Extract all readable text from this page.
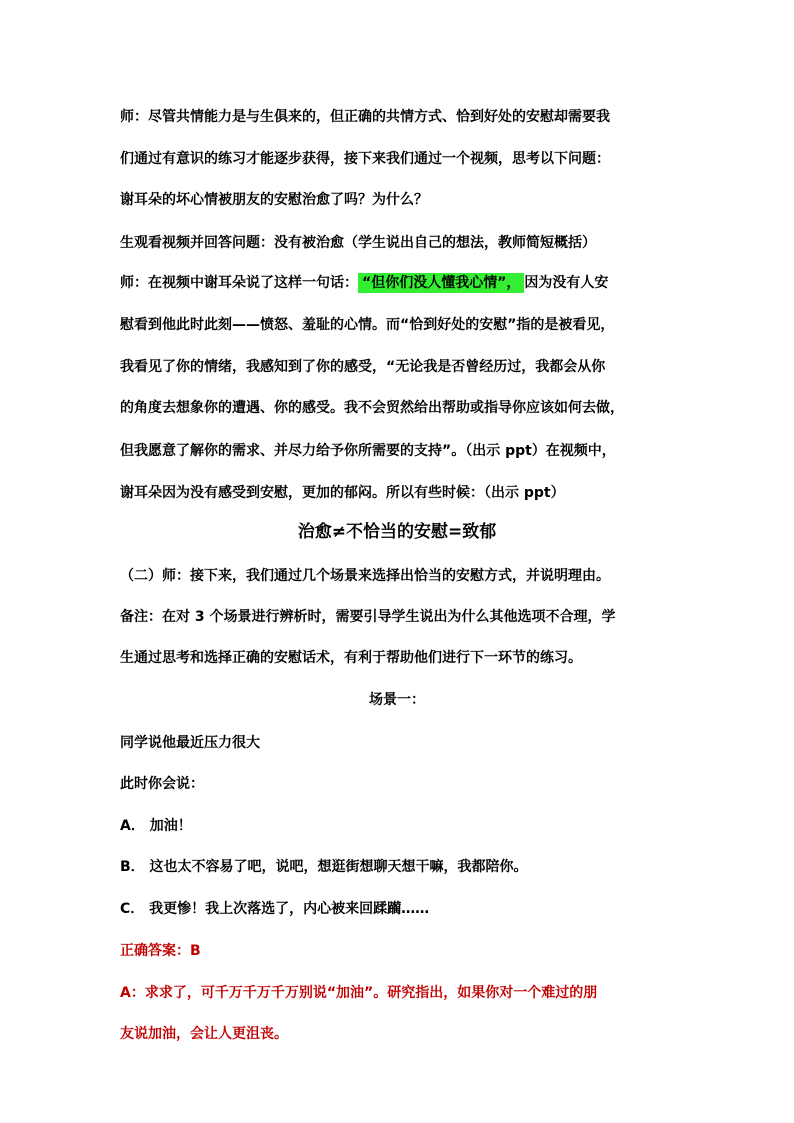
师：尽管共情能力是与生俱来的，但正确的共情方式、恰到好处的安慰却需要我
们通过有意识的练习才能逐步获得，接下来我们通过一个视频，思考以下问题：
谢耳朵的坏心情被朋友的安慰治愈了吗？为什么？
生观看视频并回答问题：没有被治愈（学生说出自己的想法，教师简短概括）
师：在视频中谢耳朵说了这样一句话： “但你们没人懂我心情”， 因为没有人安
慰看到他此时此刻——愤怒、羞耻的心情。而“恰到好处的安慰”指的是被看见，
我看见了你的情绪，我感知到了你的感受，“无论我是否曾经历过，我都会从你
的角度去想象你的遭遇、你的感受。我不会贸然给出帮助或指导你应该如何去做，
但我愿意了解你的需求、并尽力给予你所需要的支持”。（出示 ppt）在视频中，
谢耳朵因为没有感受到安慰，更加的郁闷。所以有些时候：（出示 ppt）
治愈≠不恰当的安慰=致郁
（二）师：接下来，我们通过几个场景来选择出恰当的安慰方式，并说明理由。
备注：在对 3 个场景进行辨析时，需要引导学生说出为什么其他选项不合理，学
生通过思考和选择正确的安慰话术，有利于帮助他们进行下一环节的练习。
场景一：
同学说他最近压力很大
此时你会说：
A． 加油！
B． 这也太不容易了吧，说吧，想逛街想聊天想干嘛，我都陪你。
C． 我更惨！我上次落选了，内心被来回蹂躏……
正确答案：B
A：求求了，可千万千万千万别说“加油”。研究指出，如果你对一个难过的朋
友说加油，会让人更沮丧。
